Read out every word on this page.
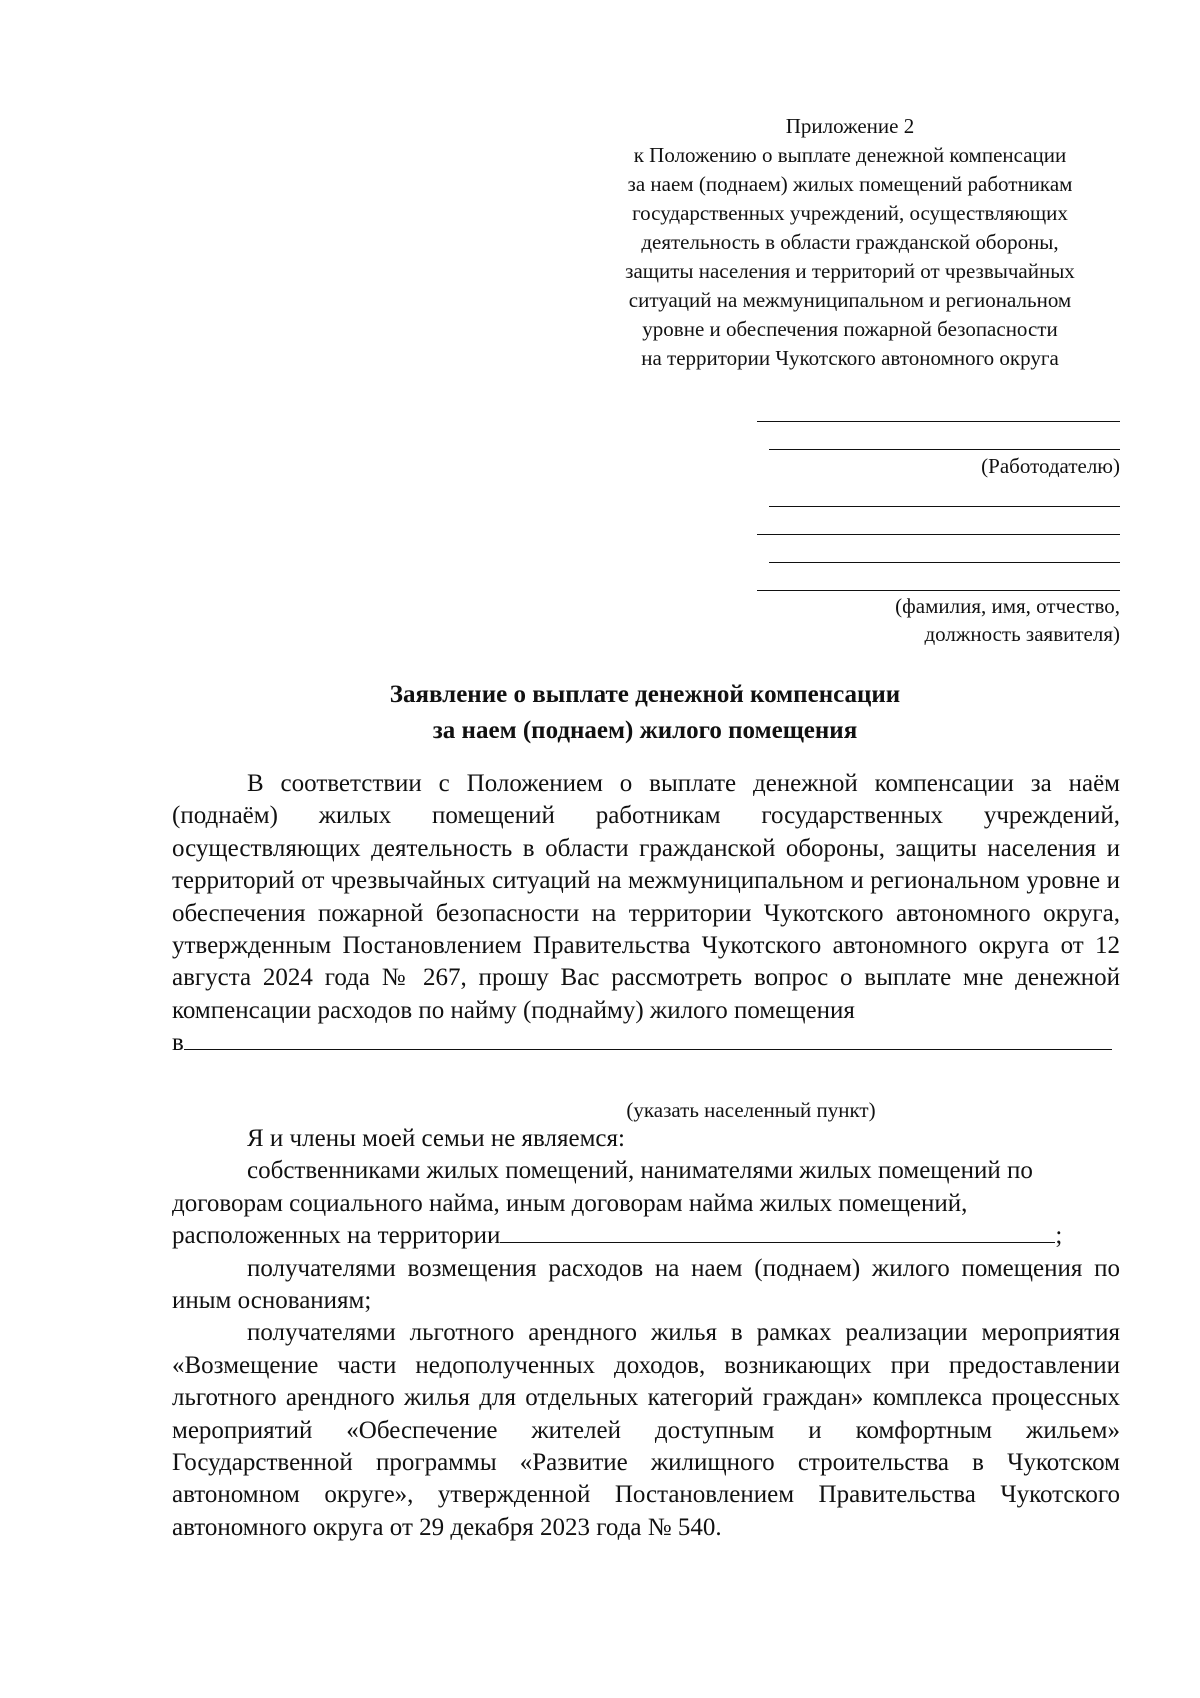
Приложение 2
к Положению о выплате денежной компенсации
за наем (поднаем) жилых помещений работникам
государственных учреждений, осуществляющих
деятельность в области гражданской обороны,
защиты населения и территорий от чрезвычайных
ситуаций на межмуниципальном и региональном
уровне и обеспечения пожарной безопасности
на территории Чукотского автономного округа
(Работодателю)
(фамилия, имя, отчество,
должность заявителя)
Заявление о выплате денежной компенсации
за наем (поднаем) жилого помещения

В соответствии с Положением о выплате денежной компенсации за наём (поднаём) жилых помещений работникам государственных учреждений, осуществляющих деятельность в области гражданской обороны, защиты населения и территорий от чрезвычайных ситуаций на межмуниципальном и региональном уровне и обеспечения пожарной безопасности на территории Чукотского автономного округа, утвержденным Постановлением Правительства Чукотского автономного округа от 12 августа 2024 года № 267, прошу Вас рассмотреть вопрос о выплате мне денежной компенсации расходов по найму (поднайму) жилого помещения

в
(указать населенный пункт)

Я и члены моей семьи не являемся:

собственниками жилых помещений, нанимателями жилых помещений по договорам социального найма, иным договорам найма жилых помещений, расположенных на территории	;

получателями возмещения расходов на наем (поднаем) жилого помещения по иным основаниям;

получателями льготного арендного жилья в рамках реализации мероприятия «Возмещение части недополученных доходов, возникающих при предоставлении льготного арендного жилья для отдельных категорий граждан» комплекса процессных мероприятий «Обеспечение жителей доступным и комфортным жильем» Государственной программы «Развитие жилищного строительства в Чукотском автономном округе», утвержденной Постановлением Правительства Чукотского автономного округа от 29 декабря 2023 года № 540.
